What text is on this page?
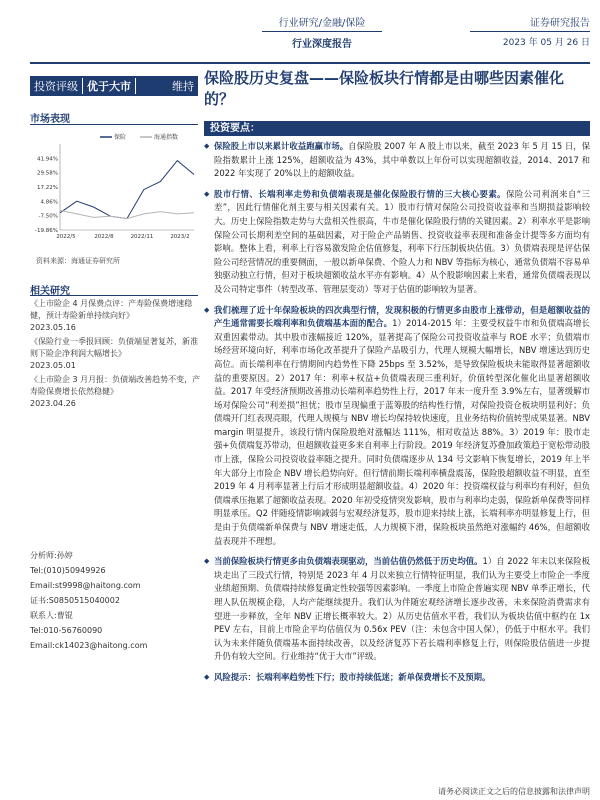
行业研究/金融/保险
行业深度报告
证券研究报告
2023 年 05 月 26 日
投资评级 优于大市	维持
市场表现
41.94%
29.58%
17.22%
4.86%
-7.50%
-19.86%
2022/5	2022/8	2022/11	2023/2
保险	海通指数
资料来源：海通证券研究所
相关研究
《上市险企 4 月保费点评：产寿险保费增速稳健，预计寿险新单持续向好》
2023.05.16
《保险行业一季报回顾：负债端显著复苏，新准则下险企净利润大幅增长》
2023.05.01
《上市险企 3 月月报：负债端改善趋势不变，产寿险保费增长依然稳健》
2023.04.26
分析师:孙婷
Tel:(010)50949926
Email:st9998@haitong.com
证书:S0850515040002
联系人:曹锟
Tel:010-56760090
Email:ck14023@haitong.com
保险股历史复盘——保险板块行情都是由哪些因素催化的？
投资要点：

◆ 保险股上市以来累计收益跑赢市场。自保险股 2007 年 A 股上市以来，截至 2023 年 5 月 15 日，保险指数累计上涨 125%，超额收益为 43%，其中单数以上年份可以实现超额收益，2014、2017 和 2022 年实现了 20%以上的超额收益。

◆ 股市行情、长端利率走势和负债端表现是催化保险股行情的三大核心要素。保险公司利润来自“三差”，因此行情催化剂主要与相关因素有关。1）股市行情对保险公司投资收益率和当期损益影响较大。历史上保险指数走势与大盘相关性很高，牛市是催化保险股行情的关键因素。2）利率水平是影响保险公司长期利差空间的基础因素，对于险企产品销售、投资收益率表现和准备金计提等多方面均有影响。整体上看，利率上行容易激发险企估值修复，利率下行压制板块估值。3）负债端表现是评估保险公司经营情况的重要侧面，一般以新单保费、个险人力和 NBV 等指标为核心，通常负债端不容易单独驱动独立行情，但对于板块超额收益水平亦有影响。4）从个股影响因素上来看，通常负债端表现以及公司特定事件（转型改革、管理层变动）等对于估值的影响较为显著。

◆ 我们梳理了近十年保险板块的四次典型行情，发现积极的行情更多由股市上涨带动，但是超额收益的产生通常需要长端利率和负债端基本面的配合。1）2014-2015 年：主要受权益牛市和负债端高增长双重因素带动。其中股市涨幅接近 120%，显著提高了保险公司投资收益率与 ROE 水平；负债端市场经营环境向好，利率市场化改革提升了保险产品吸引力，代理人规模大幅增长，NBV 增速达到历史高位。而长端利率在行情期间内趋势性下降 25bps 至 3.52%，是导致保险板块未能取得显著超额收益的重要原因。2）2017 年：利率+权益+负债端表现三重利好，价值转型深化催化出显著超额收益。2017 年受经济预期改善推动长端利率趋势性上行，2017 年末一度升至 3.9%左右，显著缓解市场对保险公司“利差损”担忧；股市呈现偏重于蓝筹股的结构性行情，对保险投资仓板块明显利好；负债端开门红表现亮眼，代理人规模与 NBV 增长均保持较快速度，且业务结构价值转型成果显著。NBV margin 明显提升，该段行情内保险股绝对涨幅达 111%，相对收益达 88%。3）2019 年：股市走强+负债端复苏带动，但超额收益更多来自利率上行阶段。2019 年经济复苏叠加政策趋于宽松带动股市上涨，保险公司投资收益率随之提升。同时负债端逐步从 134 号文影响下恢复增长，2019 年上半年大部分上市险企 NBV 增长趋势向好。但行情前期长端利率横盘震荡，保险股超额收益不明显，直至 2019 年 4 月利率显著上行后才形成明显超额收益。4）2020 年：投资端权益与利率均有利好，但负债端承压拖累了超额收益表现。2020 年初受疫情突发影响，股市与利率均走弱，保险新单保费等同样明显承压。Q2 伴随疫情影响减弱与宏观经济复苏，股市迎来持续上涨，长端利率亦明显修复上行，但是由于负债端新单保费与 NBV 增速走低，人力规模下滑，保险板块虽然绝对涨幅约 46%，但超额收益表现并不理想。

◆ 当前保险板块行情更多由负债端表现驱动，当前估值仍然低于历史均值。1）自 2022 年末以来保险板块走出了三段式行情，特别是 2023 年 4 月以来独立行情特征明显，我们认为主要受上市险企一季度业绩超预期、负债端持续修复确定性较强等因素影响。一季度上市险企普遍实现 NBV 单季正增长，代理人队伍规模企稳，人均产能继续提升。我们认为伴随宏观经济增长逐步改善，未来保险消费需求有望进一步释放，全年 NBV 正增长概率较大。2）从历史估值水平看，我们认为板块估值中枢约在 1x PEV 左右，目前上市险企平均估值仅为 0.56x PEV（注：未包含中国人保），仍低于中枢水平。我们认为未来伴随负债端基本面持续改善，以及经济复苏下若长端利率修复上行，则保险股估值进一步提升仍有较大空间。行业维持“优于大市”评级。

◆ 风险提示：长端利率趋势性下行；股市持续低迷；新单保费增长不及预期。

请务必阅读正文之后的信息披露和法律声明
